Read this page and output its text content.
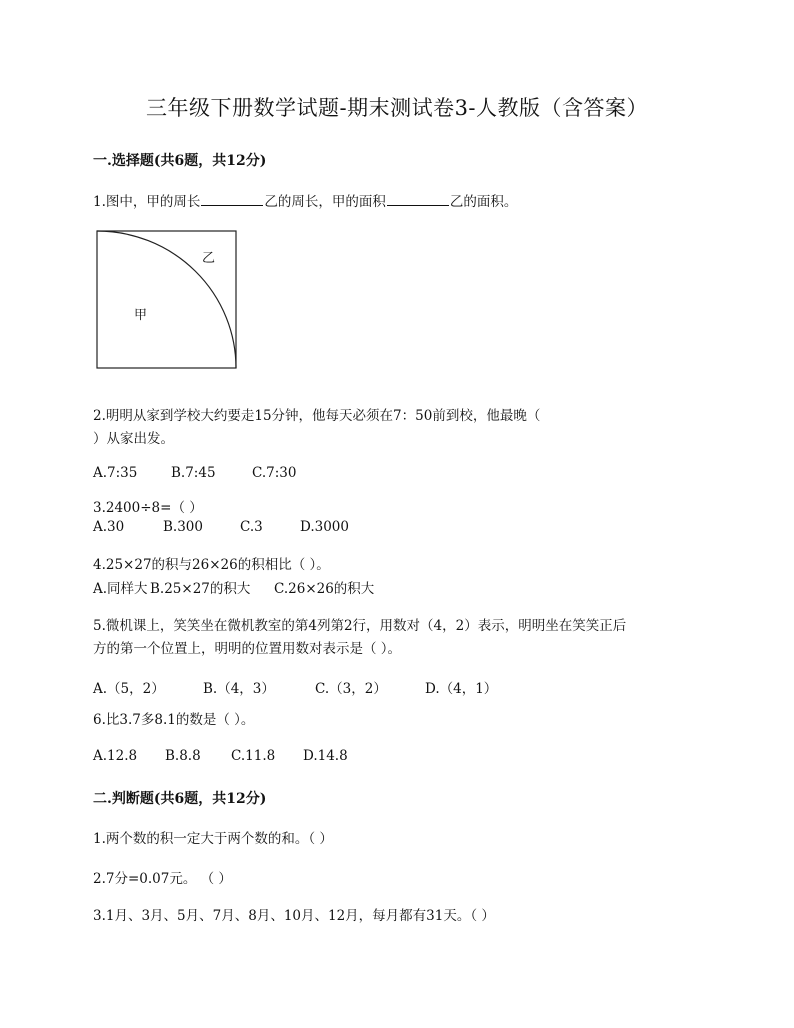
三年级下册数学试题-期末测试卷3-人教版（含答案）
一.选择题(共6题，共12分)
1.图中，甲的周长	乙的周长，甲的面积	乙的面积。
乙
甲
2.明明从家到学校大约要走15分钟，他每天必须在7：50前到校，他最晚（
）从家出发。
A.7:35 B.7:45	C.7:30
3.2400÷8=（ ）
A.30	B.300	C.3	D.3000
4.25×27的积与26×26的积相比（ ）。
A.同样大 B.25×27的积大 C.26×26的积大
5.微机课上，笑笑坐在微机教室的第4列第2行，用数对（4，2）表示，明明坐在笑笑正后
方的第一个位置上，明明的位置用数对表示是（ ）。
A.（5，2）	B.（4，3）	C.（3，2）	D.（4，1）
6.比3.7多8.1的数是（ ）。
A.12.8 B.8.8 C.11.8 D.14.8
二.判断题(共6题，共12分)
1.两个数的积一定大于两个数的和。（ ）
2.7分=0.07元。 （ ）
3.1月、3月、5月、7月、8月、10月、12月，每月都有31天。（ ）
